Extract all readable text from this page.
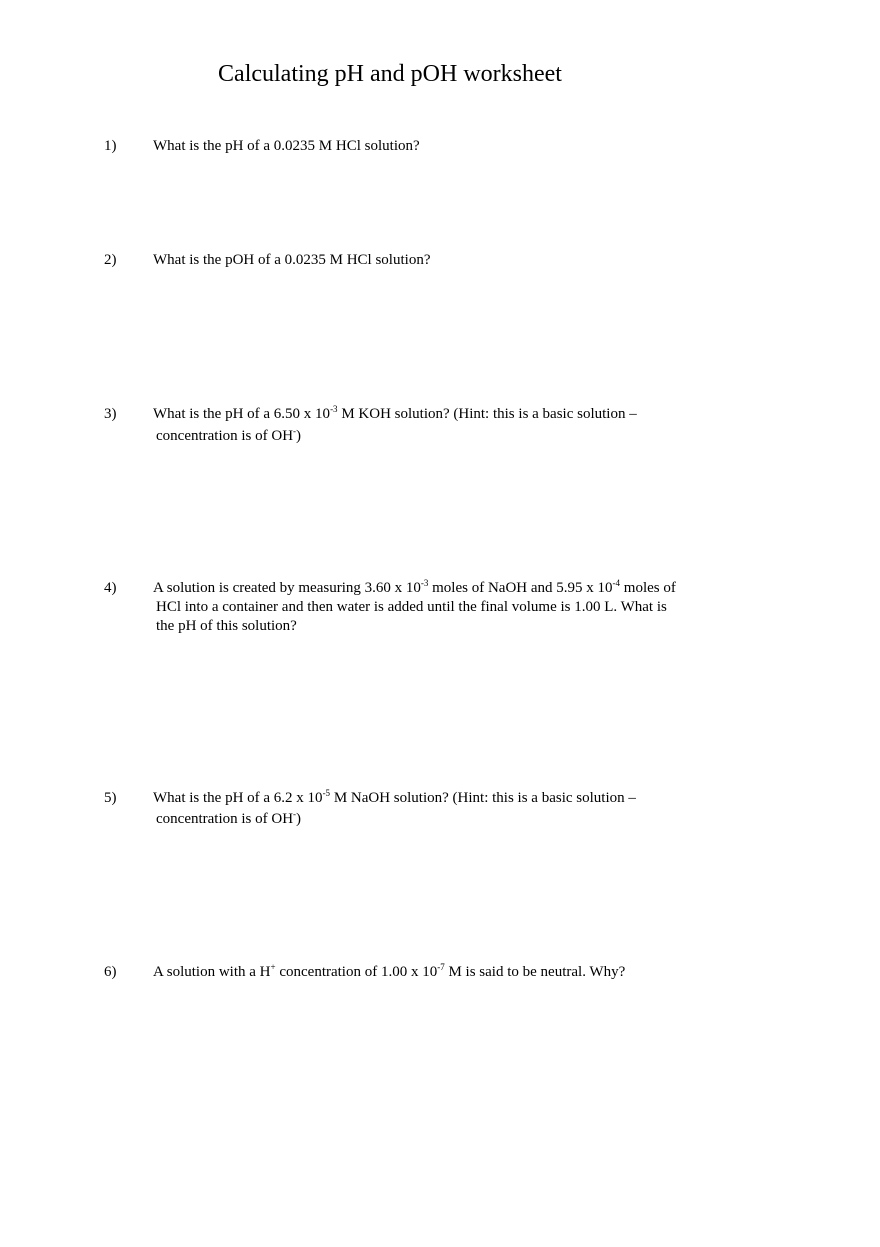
Calculating pH and pOH worksheet
1) What is the pH of a 0.0235 M HCl solution?
2) What is the pOH of a 0.0235 M HCl solution?
3) What is the pH of a 6.50 x $10^{-3}$ M KOH solution? (Hint: this is a basic solution –
concentration is of OH-)
4) A solution is created by measuring 3.60 x $10^{-3}$ moles of NaOH and 5.95 x $10^{-4}$ moles of
HCl into a container and then water is added until the final volume is 1.00 L. What is
the pH of this solution?
5) What is the pH of a 6.2 x $10^{-5}$ M NaOH solution? (Hint: this is a basic solution –
concentration is of OH-)
6) A solution with a H+ concentration of 1.00 x $10^{-7}$ M is said to be neutral. Why?
